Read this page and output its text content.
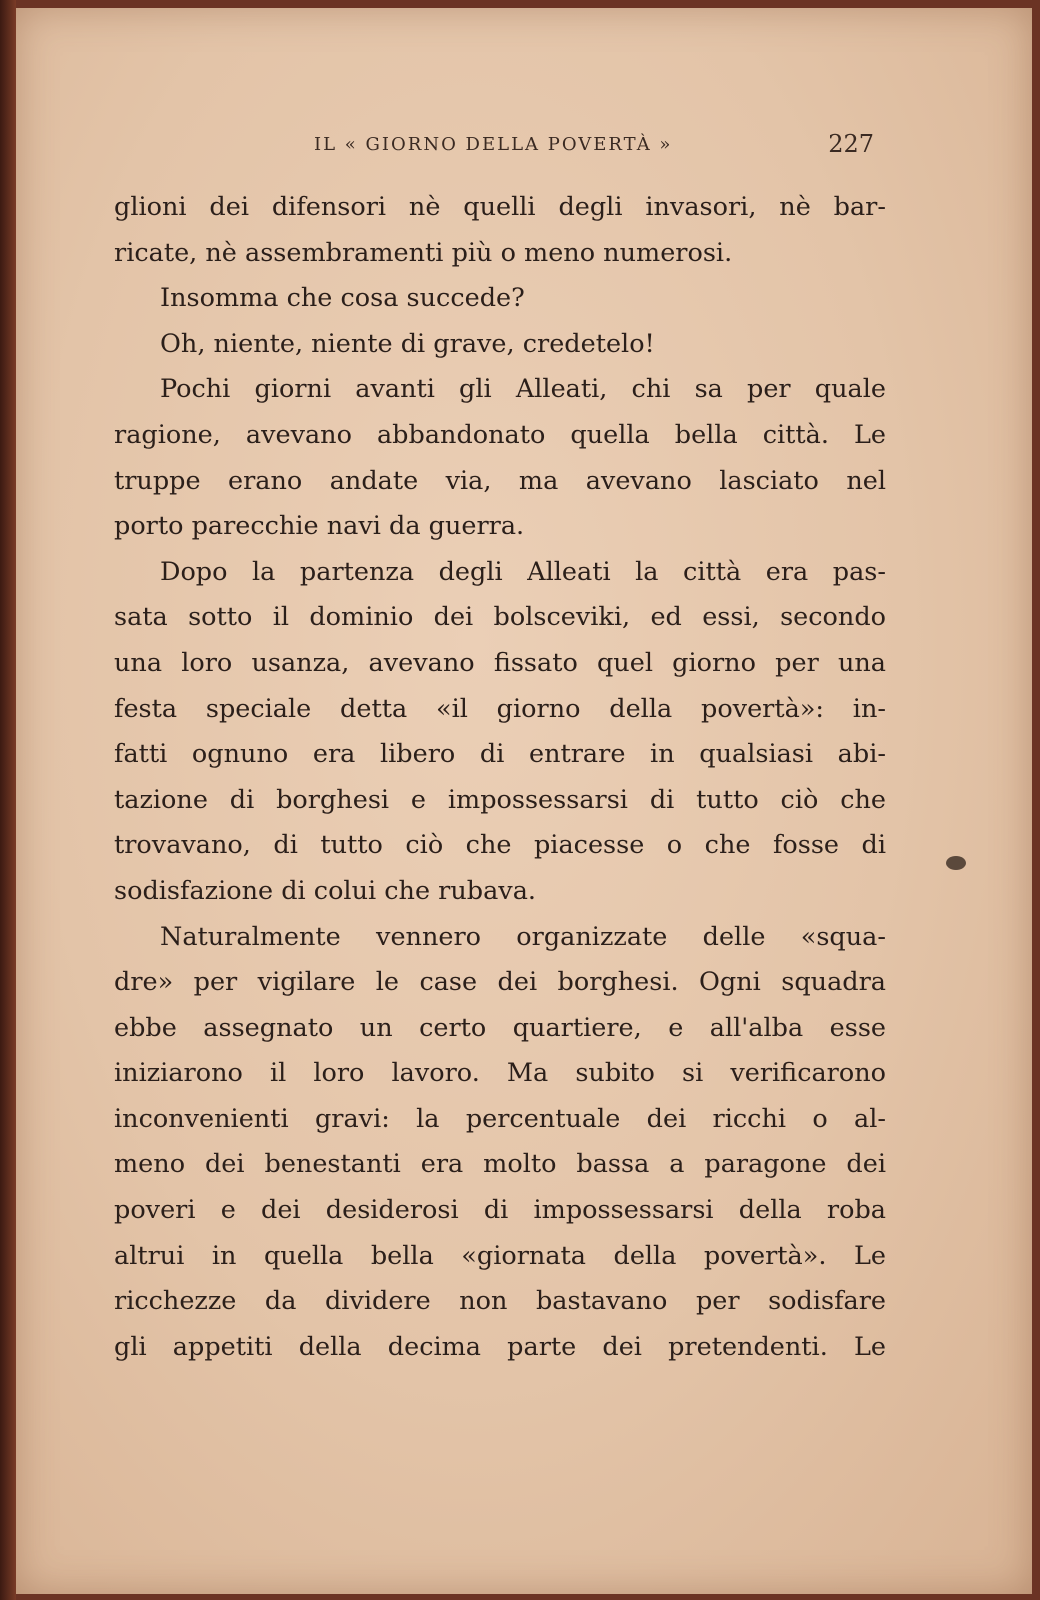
IL « GIORNO DELLA POVERTÀ »	227
glioni dei difensori nè quelli degli invasori, nè bar-
ricate, nè assembramenti più o meno numerosi.
Insomma che cosa succede?
Oh, niente, niente di grave, credetelo!
Pochi giorni avanti gli Alleati, chi sa per quale
ragione, avevano abbandonato quella bella città. Le
truppe erano andate via, ma avevano lasciato nel
porto parecchie navi da guerra.
Dopo la partenza degli Alleati la città era pas-
sata sotto il dominio dei bolsceviki, ed essi, secondo
una loro usanza, avevano fissato quel giorno per una
festa speciale detta «il giorno della povertà»: in-
fatti ognuno era libero di entrare in qualsiasi abi-
tazione di borghesi e impossessarsi di tutto ciò che
trovavano, di tutto ciò che piacesse o che fosse di
sodisfazione di colui che rubava.
Naturalmente vennero organizzate delle «squa-
dre» per vigilare le case dei borghesi. Ogni squadra
ebbe assegnato un certo quartiere, e all'alba esse
iniziarono il loro lavoro. Ma subito si verificarono
inconvenienti gravi: la percentuale dei ricchi o al-
meno dei benestanti era molto bassa a paragone dei
poveri e dei desiderosi di impossessarsi della roba
altrui in quella bella «giornata della povertà». Le
ricchezze da dividere non bastavano per sodisfare
gli appetiti della decima parte dei pretendenti. Le
